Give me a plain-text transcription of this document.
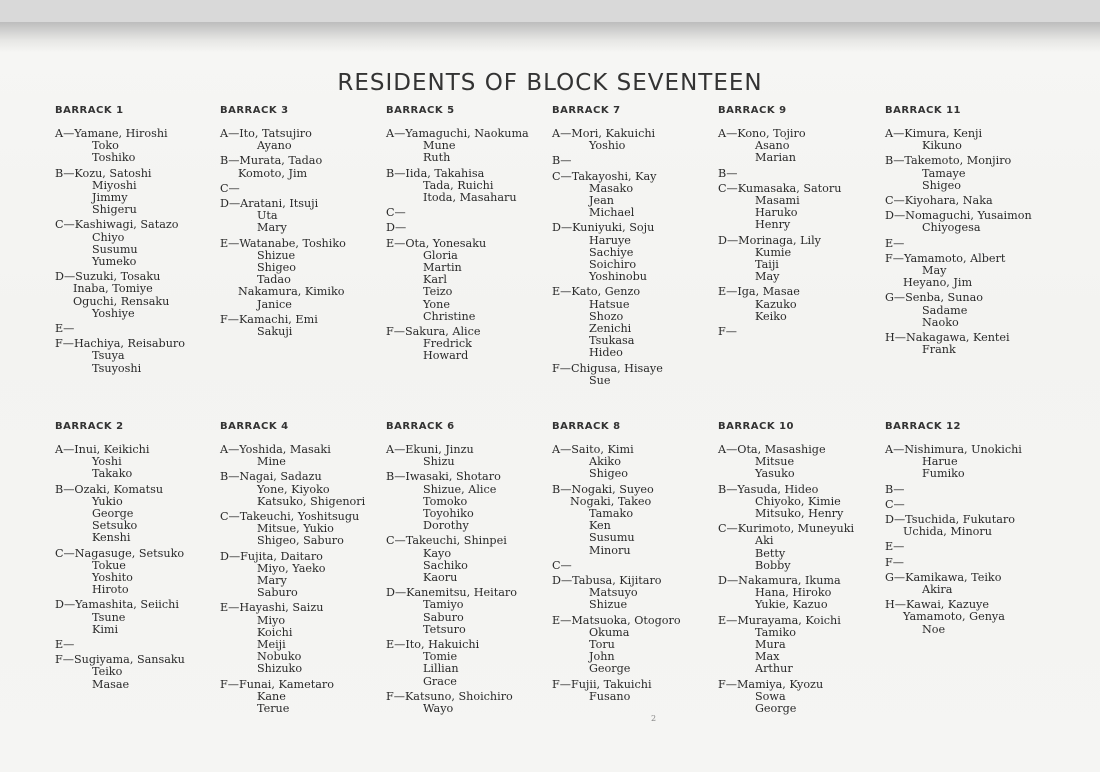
RESIDENTS OF BLOCK SEVENTEEN
BARRACK 1
A—Yamane, Hiroshi
Toko
Toshiko
B—Kozu, Satoshi
Miyoshi
Jimmy
Shigeru
C—Kashiwagi, Satazo
Chiyo
Susumu
Yumeko
D—Suzuki, Tosaku
Inaba, Tomiye
Oguchi, Rensaku
Yoshiye
E—
F—Hachiya, Reisaburo
Tsuya
Tsuyoshi
BARRACK 3
A—Ito, Tatsujiro
Ayano
B—Murata, Tadao
Komoto, Jim
C—
D—Aratani, Itsuji
Uta
Mary
E—Watanabe, Toshiko
Shizue
Shigeo
Tadao
Nakamura, Kimiko
Janice
F—Kamachi, Emi
Sakuji
BARRACK 5
A—Yamaguchi, Naokuma
Mune
Ruth
B—Iida, Takahisa
Tada, Ruichi
Itoda, Masaharu
C—
D—
E—Ota, Yonesaku
Gloria
Martin
Karl
Teizo
Yone
Christine
F—Sakura, Alice
Fredrick
Howard
BARRACK 7
A—Mori, Kakuichi
Yoshio
B—
C—Takayoshi, Kay
Masako
Jean
Michael
D—Kuniyuki, Soju
Haruye
Sachiye
Soichiro
Yoshinobu
E—Kato, Genzo
Hatsue
Shozo
Zenichi
Tsukasa
Hideo
F—Chigusa, Hisaye
Sue
BARRACK 9
A—Kono, Tojiro
Asano
Marian
B—
C—Kumasaka, Satoru
Masami
Haruko
Henry
D—Morinaga, Lily
Kumie
Taiji
May
E—Iga, Masae
Kazuko
Keiko
F—
BARRACK 11
A—Kimura, Kenji
Kikuno
B—Takemoto, Monjiro
Tamaye
Shigeo
C—Kiyohara, Naka
D—Nomaguchi, Yusaimon
Chiyogesa
E—
F—Yamamoto, Albert
May
Heyano, Jim
G—Senba, Sunao
Sadame
Naoko
H—Nakagawa, Kentei
Frank
BARRACK 2
A—Inui, Keikichi
Yoshi
Takako
B—Ozaki, Komatsu
Yukio
George
Setsuko
Kenshi
C—Nagasuge, Setsuko
Tokue
Yoshito
Hiroto
D—Yamashita, Seiichi
Tsune
Kimi
E—
F—Sugiyama, Sansaku
Teiko
Masae
BARRACK 4
A—Yoshida, Masaki
Mine
B—Nagai, Sadazu
Yone, Kiyoko
Katsuko, Shigenori
C—Takeuchi, Yoshitsugu
Mitsue, Yukio
Shigeo, Saburo
D—Fujita, Daitaro
Miyo, Yaeko
Mary
Saburo
E—Hayashi, Saizu
Miyo
Koichi
Meiji
Nobuko
Shizuko
F—Funai, Kametaro
Kane
Terue
BARRACK 6
A—Ekuni, Jinzu
Shizu
B—Iwasaki, Shotaro
Shizue, Alice
Tomoko
Toyohiko
Dorothy
C—Takeuchi, Shinpei
Kayo
Sachiko
Kaoru
D—Kanemitsu, Heitaro
Tamiyo
Saburo
Tetsuro
E—Ito, Hakuichi
Tomie
Lillian
Grace
F—Katsuno, Shoichiro
Wayo
BARRACK 8
A—Saito, Kimi
Akiko
Shigeo
B—Nogaki, Suyeo
Nogaki, Takeo
Tamako
Ken
Susumu
Minoru
C—
D—Tabusa, Kijitaro
Matsuyo
Shizue
E—Matsuoka, Otogoro
Okuma
Toru
John
George
F—Fujii, Takuichi
Fusano
BARRACK 10
A—Ota, Masashige
Mitsue
Yasuko
B—Yasuda, Hideo
Chiyoko, Kimie
Mitsuko, Henry
C—Kurimoto, Muneyuki
Aki
Betty
Bobby
D—Nakamura, Ikuma
Hana, Hiroko
Yukie, Kazuo
E—Murayama, Koichi
Tamiko
Mura
Max
Arthur
F—Mamiya, Kyozu
Sowa
George
BARRACK 12
A—Nishimura, Unokichi
Harue
Fumiko
B—
C—
D—Tsuchida, Fukutaro
Uchida, Minoru
E—
F—
G—Kamikawa, Teiko
Akira
H—Kawai, Kazuye
Yamamoto, Genya
Noe
2
